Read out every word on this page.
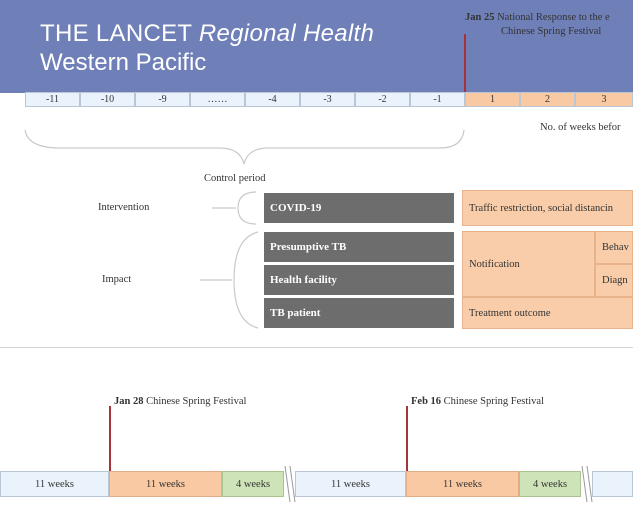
THE LANCET Regional Health
Western Pacific
Jan 25 National Response to the e
Chinese Spring Festival
-11	-10	-9	……	-4	-3	-2	-1	1	2	3
No. of weeks befor
Control period
Intervention
Impact
COVID-19
Presumptive TB
Health facility
TB patient
Traffic restriction, social distancin
Notification
Behav
Diagn
Treatment outcome
Jan 28 Chinese Spring Festival	Feb 16 Chinese Spring Festival
11 weeks	11 weeks	4 weeks	11 weeks	11 weeks	4 weeks
